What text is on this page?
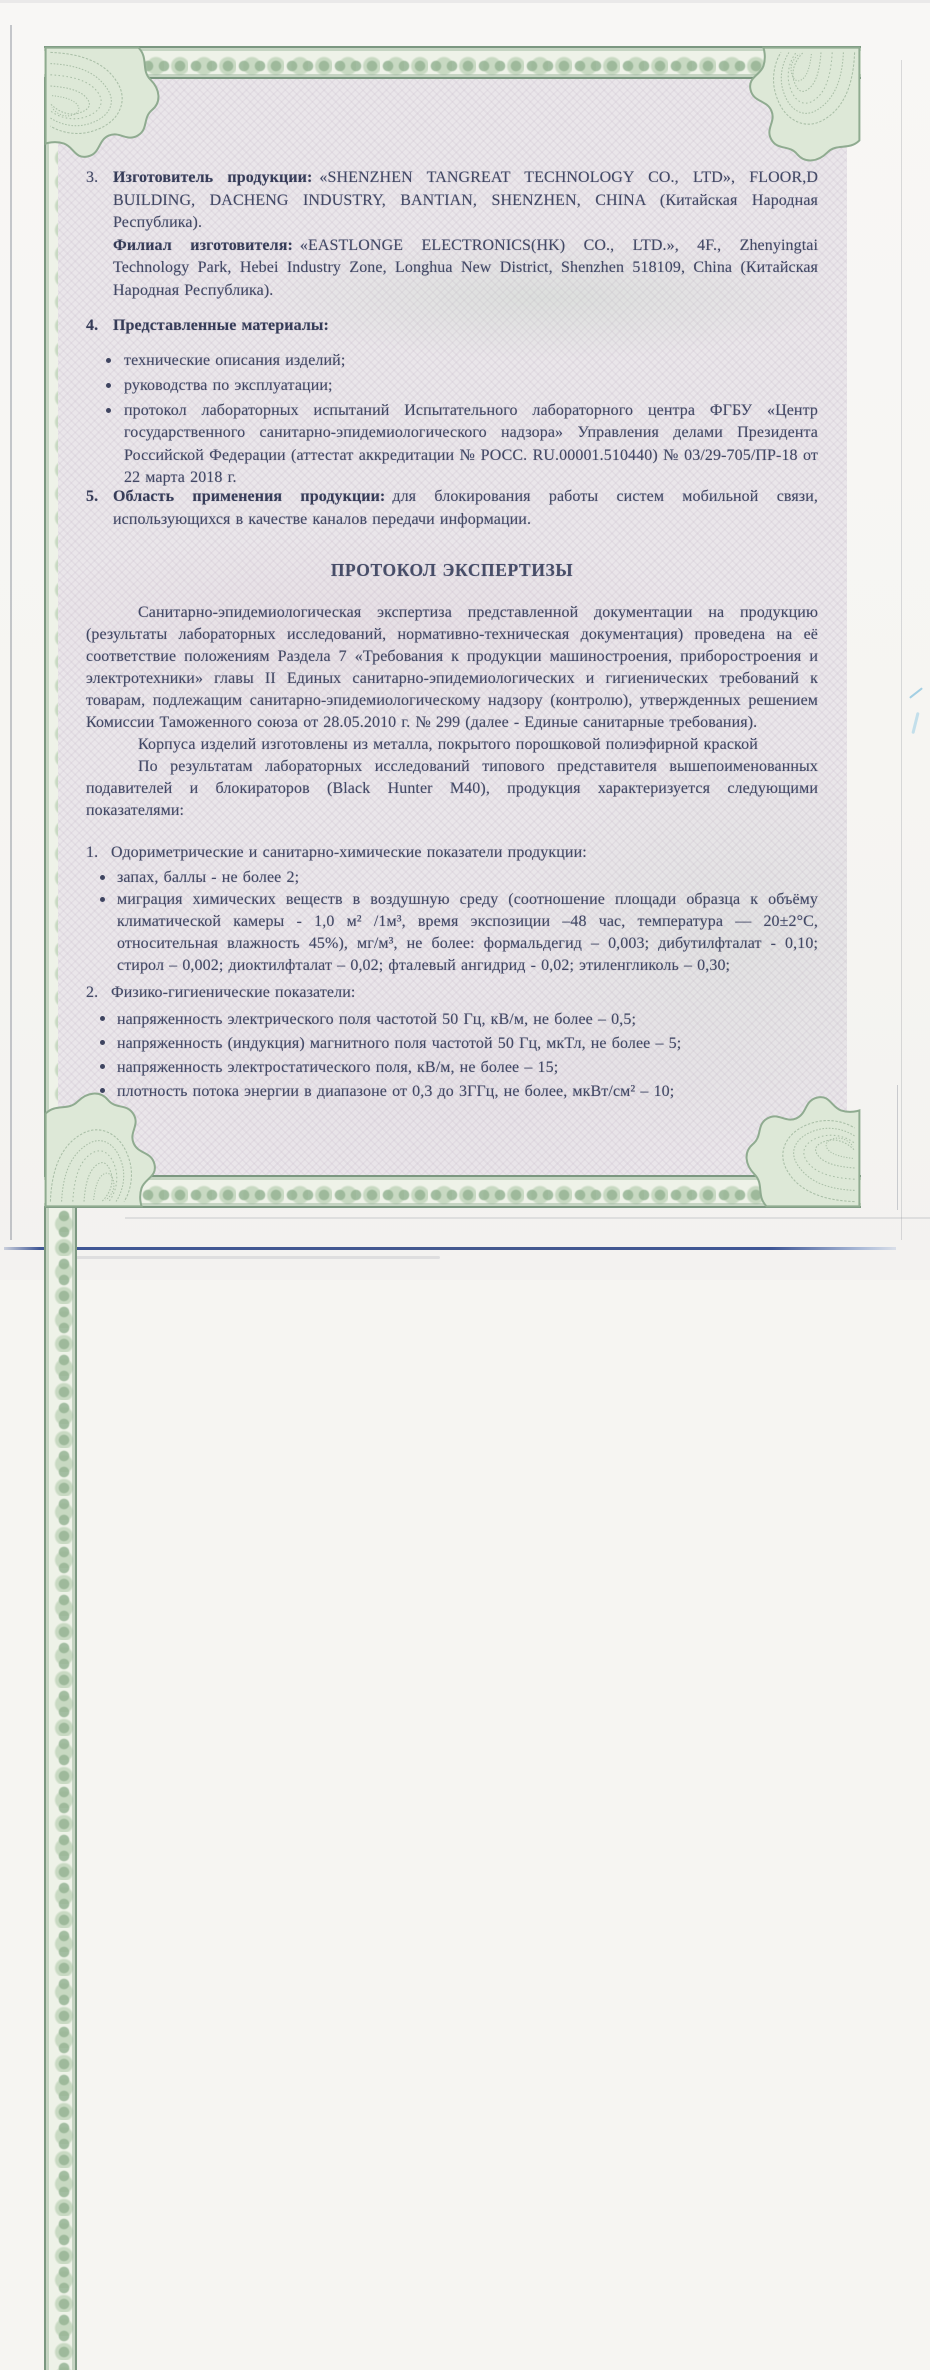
3. Изготовитель продукции: «SHENZHEN TANGREAT TECHNOLOGY CO., LTD», FLOOR,D BUILDING, DACHENG INDUSTRY, BANTIAN, SHENZHEN, CHINA (Китайская Народная Республика).

Филиал изготовителя: «EASTLONGE ELECTRONICS(HK) CO., LTD.», 4F., Zhenyingtai Technology Park, Hebei Industry Zone, Longhua New District, Shenzhen 518109, China (Китайская Народная Республика).

4. Представленные материалы:

технические описания изделий;
руководства по эксплуатации;
протокол лабораторных испытаний Испытательного лабораторного центра ФГБУ «Центр государственного санитарно-эпидемиологического надзора» Управления делами Президента Российской Федерации (аттестат аккредитации № РОСС. RU.00001.510440) № 03/29-705/ПР-18 от 22 марта 2018 г.

5. Область применения продукции: для блокирования работы систем мобильной связи, использующихся в качестве каналов передачи информации.

ПРОТОКОЛ ЭКСПЕРТИЗЫ

Санитарно-эпидемиологическая экспертиза представленной документации на продукцию (результаты лабораторных исследований, нормативно-техническая документация) проведена на её соответствие положениям Раздела 7 «Требования к продукции машиностроения, приборостроения и электротехники» главы II Единых санитарно-эпидемиологических и гигиенических требований к товарам, подлежащим санитарно-эпидемиологическому надзору (контролю), утвержденных решением Комиссии Таможенного союза от 28.05.2010 г. № 299 (далее - Единые санитарные требования).

Корпуса изделий изготовлены из металла, покрытого порошковой полиэфирной краской

По результатам лабораторных исследований типового представителя вышепоименованных подавителей и блокираторов (Black Hunter M40), продукция характеризуется следующими показателями:

1. Одориметрические и санитарно-химические показатели продукции:

запах, баллы - не более 2;
миграция химических веществ в воздушную среду (соотношение площади образца к объёму климатической камеры - 1,0 м² /1м³, время экспозиции –48 час, температура — 20±2°С, относительная влажность 45%), мг/м³, не более: формальдегид – 0,003; дибутилфталат - 0,10; стирол – 0,002; диоктилфталат – 0,02; фталевый ангидрид - 0,02; этиленгликоль – 0,30;

2. Физико-гигиенические показатели:

напряженность электрического поля частотой 50 Гц, кВ/м, не более – 0,5;
напряженность (индукция) магнитного поля частотой 50 Гц, мкТл, не более – 5;
напряженность электростатического поля, кВ/м, не более – 15;
плотность потока энергии в диапазоне от 0,3 до 3ГГц, не более, мкВт/см² – 10;
